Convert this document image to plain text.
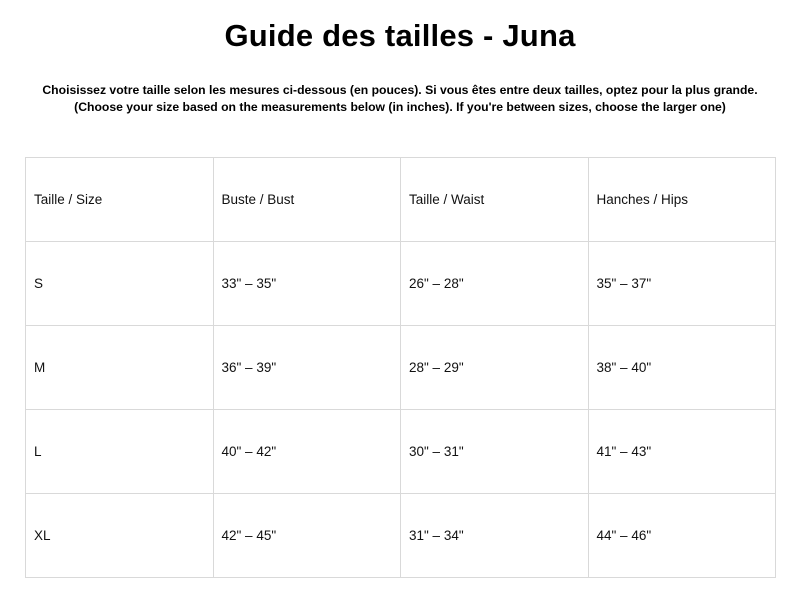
Guide des tailles - Juna
Choisissez votre taille selon les mesures ci-dessous (en pouces). Si vous êtes entre deux tailles, optez pour la plus grande.
(Choose your size based on the measurements below (in inches). If you're between sizes, choose the larger one)
Taille / Size	Buste / Bust	Taille / Waist	Hanches / Hips
S	33" – 35"	26" – 28"	35" – 37"
M	36" – 39"	28" – 29"	38" – 40"
L	40" – 42"	30" – 31"	41" – 43"
XL	42" – 45"	31" – 34"	44" – 46"
